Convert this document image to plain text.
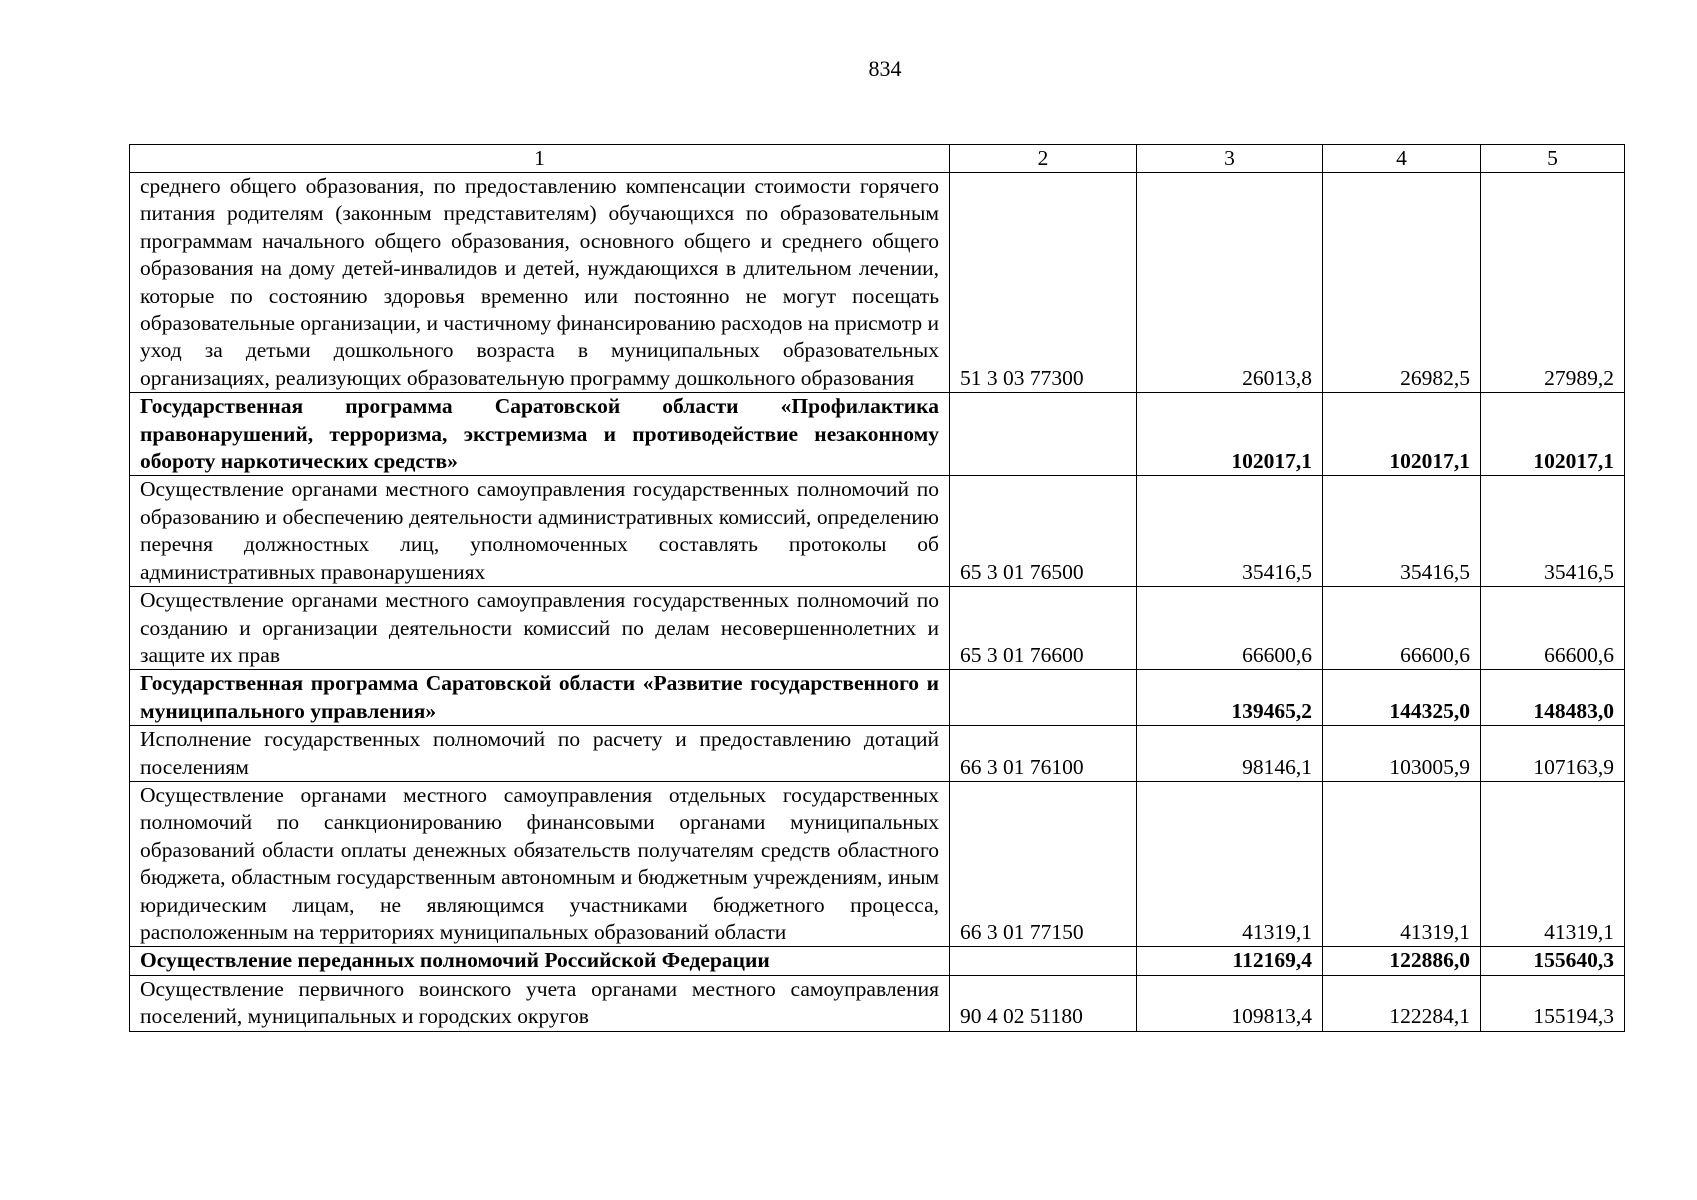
834
1	2	3	4	5
среднего общего образования, по предоставлению компенсации стоимости горячего питания родителям (законным представителям) обучающихся по образовательным программам начального общего образования, основного общего и среднего общего образования на дому детей-инвалидов и детей, нуждающихся в длительном лечении, которые по состоянию здоровья временно или постоянно не могут посещать образовательные организации, и частичному финансированию расходов на присмотр и уход за детьми дошкольного возраста в муниципальных образовательных организациях, реализующих образовательную программу дошкольного образования	51 3 03 77300	26013,8	26982,5	27989,2
Государственная программа Саратовской области «Профилактика правонарушений, терроризма, экстремизма и противодействие незаконному обороту наркотических средств»		102017,1	102017,1	102017,1
Осуществление органами местного самоуправления государственных полномочий по образованию и обеспечению деятельности административных комиссий, определению перечня должностных лиц, уполномоченных составлять протоколы об административных правонарушениях	65 3 01 76500	35416,5	35416,5	35416,5
Осуществление органами местного самоуправления государственных полномочий по созданию и организации деятельности комиссий по делам несовершеннолетних и защите их прав	65 3 01 76600	66600,6	66600,6	66600,6
Государственная программа Саратовской области «Развитие государственного и муниципального управления»		139465,2	144325,0	148483,0
Исполнение государственных полномочий по расчету и предоставлению дотаций поселениям	66 3 01 76100	98146,1	103005,9	107163,9
Осуществление органами местного самоуправления отдельных государственных полномочий по санкционированию финансовыми органами муниципальных образований области оплаты денежных обязательств получателям средств областного бюджета, областным государственным автономным и бюджетным учреждениям, иным юридическим лицам, не являющимся участниками бюджетного процесса, расположенным на территориях муниципальных образований области	66 3 01 77150	41319,1	41319,1	41319,1
Осуществление переданных полномочий Российской Федерации		112169,4	122886,0	155640,3
Осуществление первичного воинского учета органами местного самоуправления поселений, муниципальных и городских округов	90 4 02 51180	109813,4	122284,1	155194,3
